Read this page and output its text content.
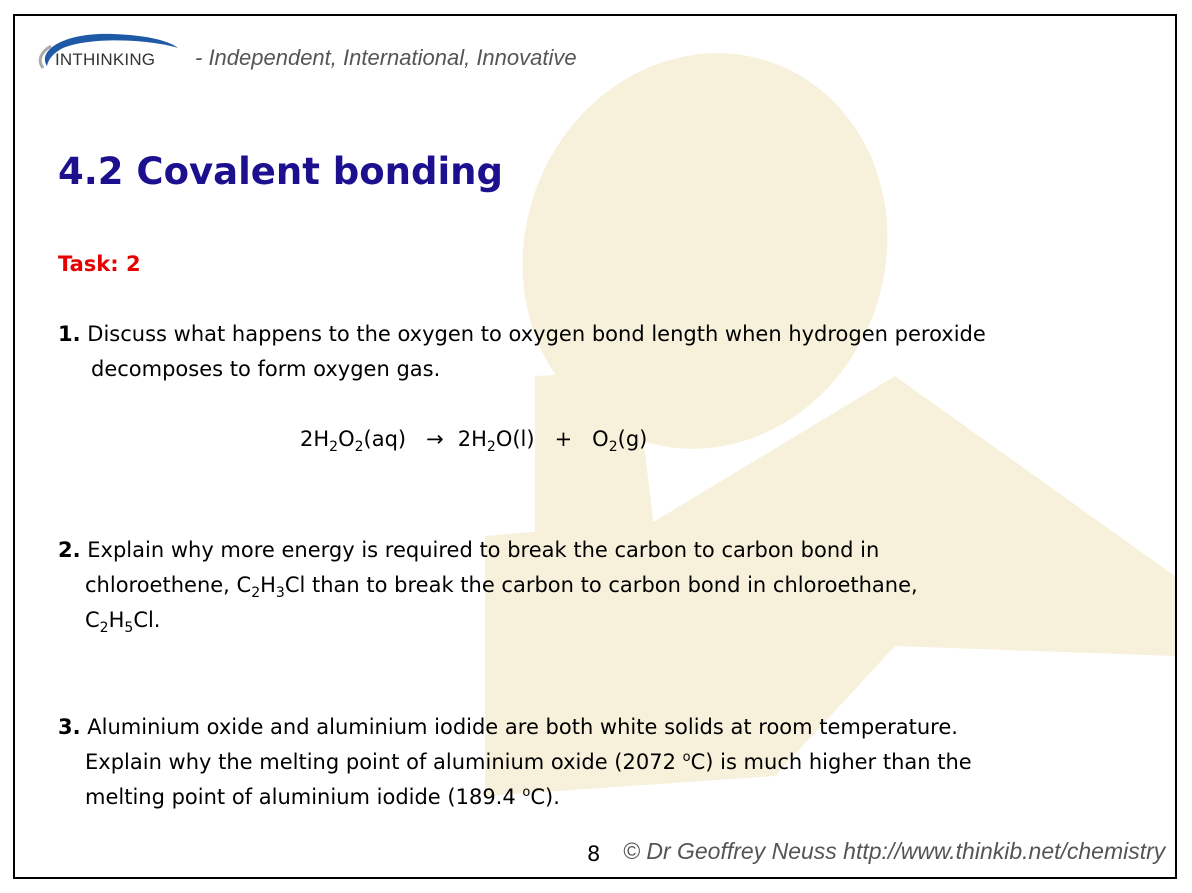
INTHINKING - Independent, International, Innovative
4.2 Covalent bonding
Task: 2
1. Discuss what happens to the oxygen to oxygen bond length when hydrogen peroxide
decomposes to form oxygen gas.
$2H_2O_2(aq) \to 2H_2O(l) + O_2(g)$
2. Explain why more energy is required to break the carbon to carbon bond in
chloroethene, $C_2H_3Cl$ than to break the carbon to carbon bond in chloroethane,
$C_2H_5Cl$.
3. Aluminium oxide and aluminium iodide are both white solids at room temperature.
Explain why the melting point of aluminium oxide (2072 $^o$C) is much higher than the
melting point of aluminium iodide (189.4 $^o$C).
8 © Dr Geoffrey Neuss http://www.thinkib.net/chemistry
